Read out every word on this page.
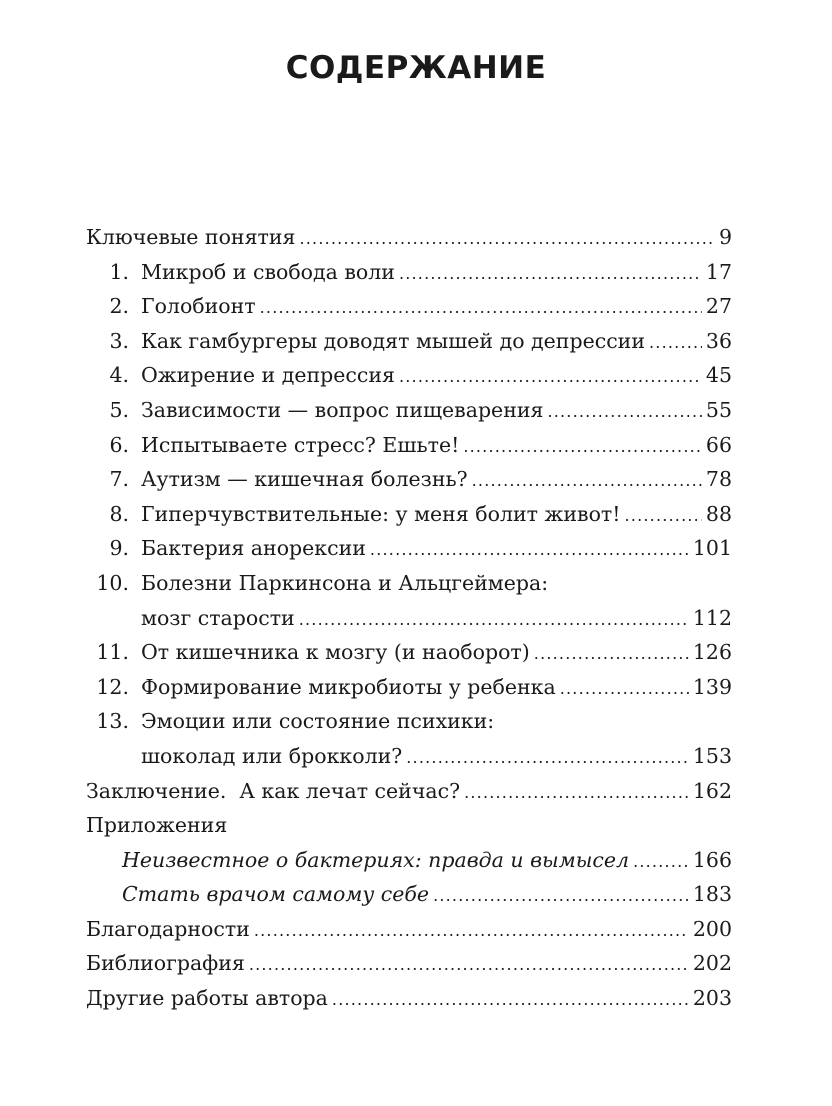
СОДЕРЖАНИЕ
Ключевые понятия .....	9
1. Микроб и свобода воли .....	17
2. Голобионт .....	27
3. Как гамбургеры доводят мышей до депрессии .....	36
4. Ожирение и депрессия .....	45
5. Зависимости — вопрос пищеварения .....	55
6. Испытываете стресс? Ешьте! .....	66
7. Аутизм — кишечная болезнь? .....	78
8. Гиперчувствительные: у меня болит живот! .....	88
9. Бактерия анорексии .....	101
10. Болезни Паркинсона и Альцгеймера:
мозг старости .....	112
11. От кишечника к мозгу (и наоборот) .....	126
12. Формирование микробиоты у ребенка .....	139
13. Эмоции или состояние психики:
шоколад или брокколи? .....	153
Заключение.  А как лечат сейчас? .....	162
Приложения
Неизвестное о бактериях: правда и вымысел .....	166
Стать врачом самому себе .....	183
Благодарности .....	200
Библиография .....	202
Другие работы автора .....	203
